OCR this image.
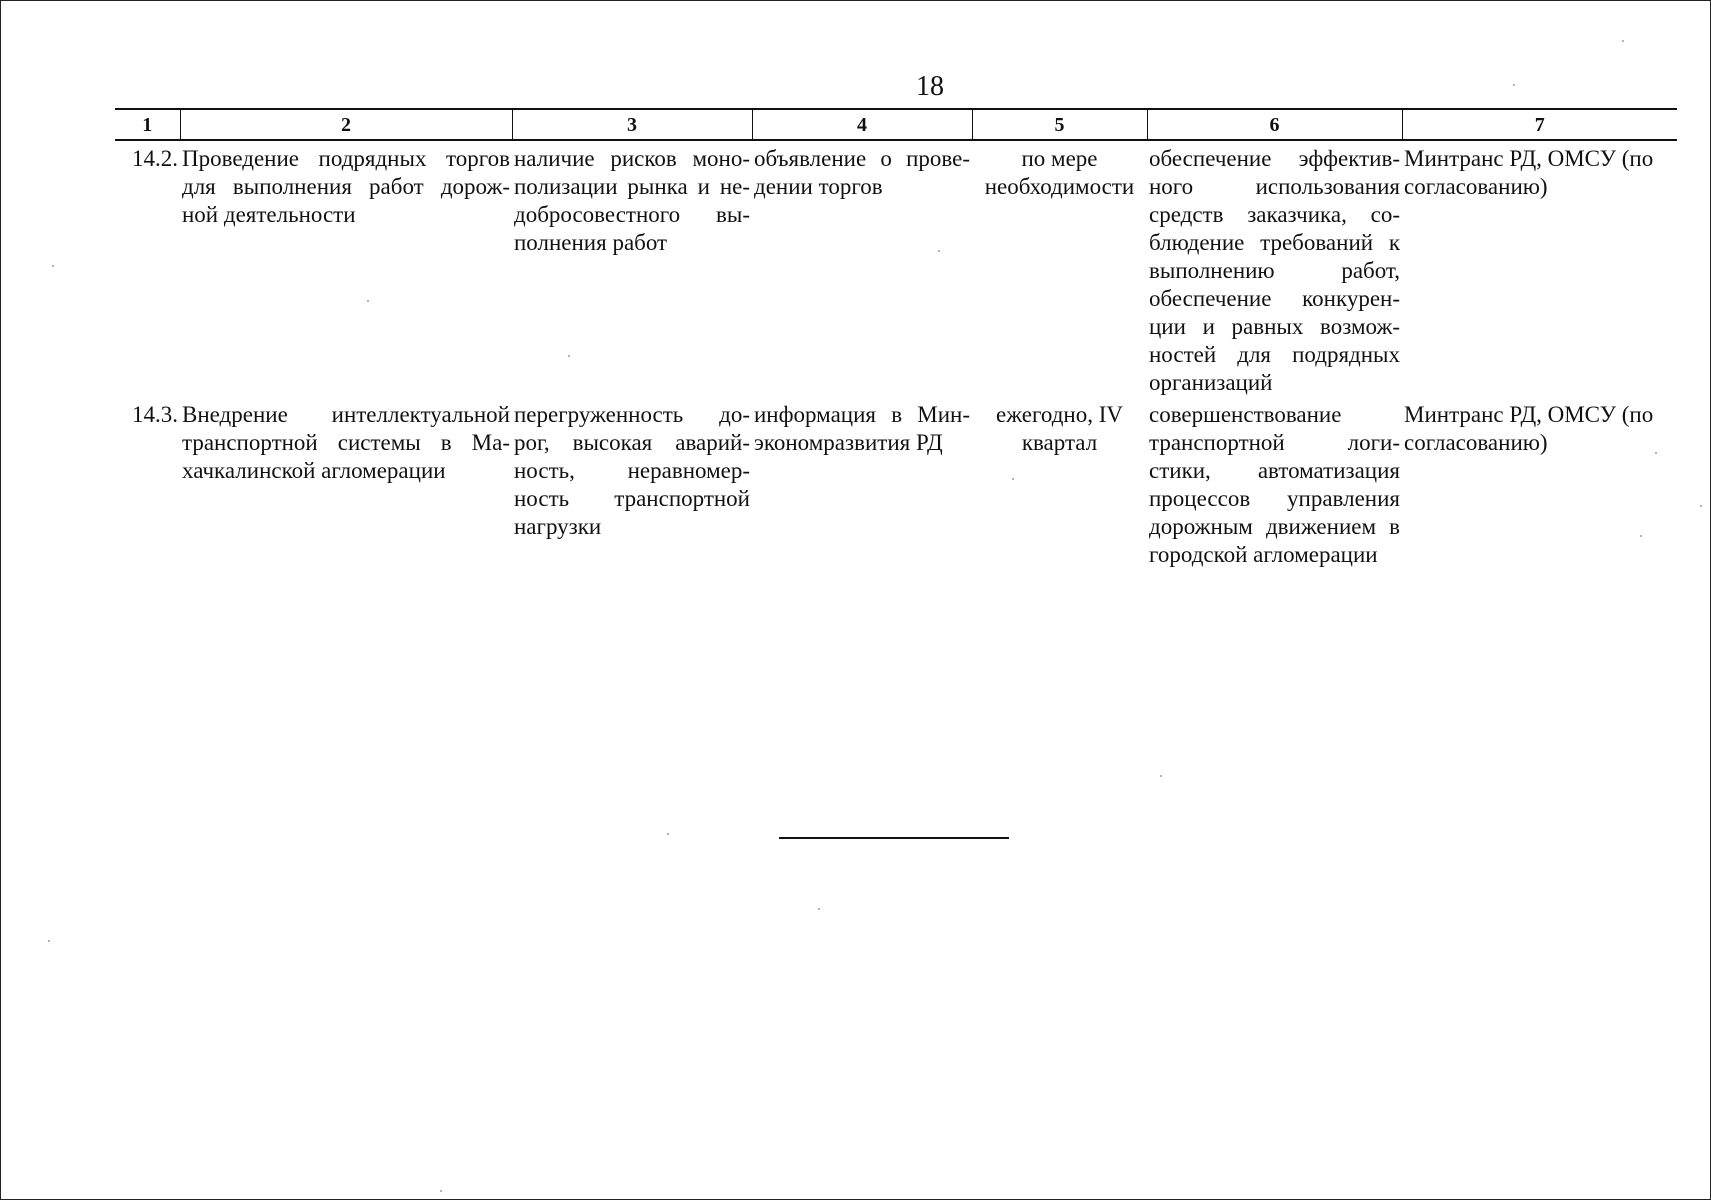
18
1	2	3	4	5	6	7
14.2.	Проведение подрядных торгов для выполнения работ дорож-ной деятельности	наличие рисков моно-полизации рынка и не-добросовестного вы-полнения работ	объявление о прове-дении торгов	по мере необходимости	обеспечение эффектив-ного использования средств заказчика, со-блюдение требований к выполнению работ, обеспечение конкурен-ции и равных возмож-ностей для подрядных организаций	Минтранс РД, ОМСУ (по согласованию)
14.3.	Внедрение интеллектуальной транспортной системы в Ма-хачкалинской агломерации	перегруженность до-рог, высокая аварий-ность, неравномер-ность транспортной нагрузки	информация в Мин-экономразвития РД	ежегодно, IV квартал	совершенствование транспортной логи-стики, автоматизация процессов управления дорожным движением в городской агломерации	Минтранс РД, ОМСУ (по согласованию)
